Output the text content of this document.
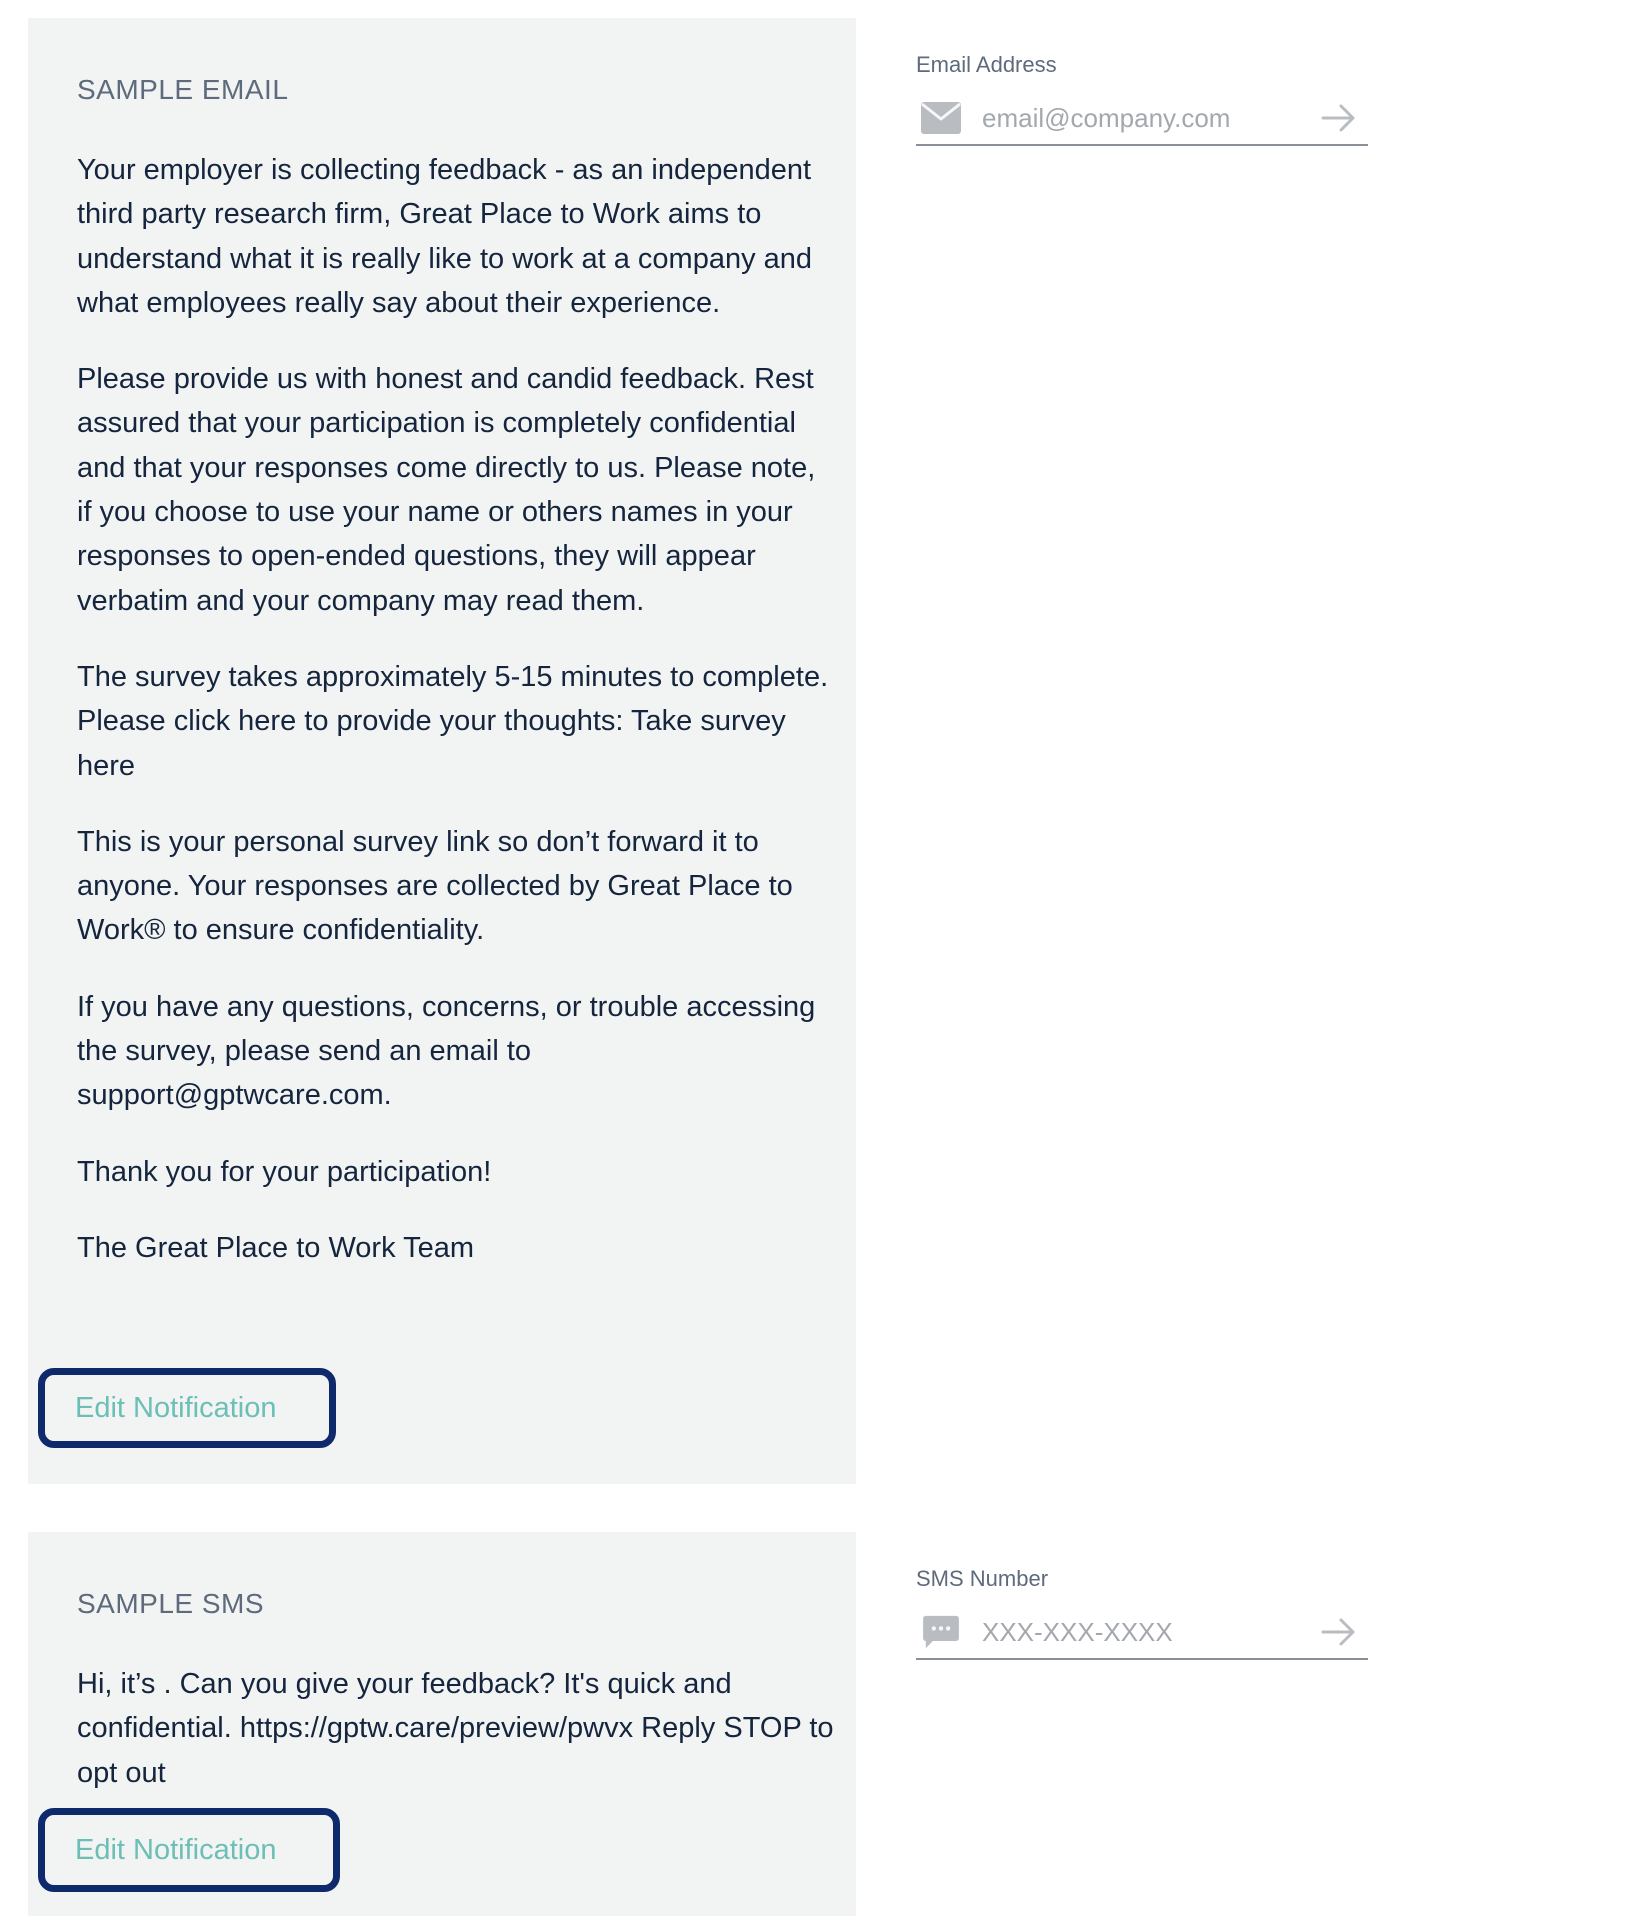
SAMPLE EMAIL

Your employer is collecting feedback - as an independent third party research firm, Great Place to Work aims to understand what it is really like to work at a company and what employees really say about their experience.

Please provide us with honest and candid feedback. Rest assured that your participation is completely confidential and that your responses come directly to us. Please note, if you choose to use your name or others names in your responses to open-ended questions, they will appear verbatim and your company may read them.

The survey takes approximately 5-15 minutes to complete. Please click here to provide your thoughts: Take survey here

This is your personal survey link so don’t forward it to anyone. Your responses are collected by Great Place to Work® to ensure confidentiality.

If you have any questions, concerns, or trouble accessing the survey, please send an email to support@gptwcare.com.

Thank you for your participation!

The Great Place to Work Team

Edit Notification
Email Address
email@company.com
SAMPLE SMS

Hi, it’s . Can you give your feedback? It's quick and confidential. https://gptw.care/preview/pwvx Reply STOP to opt out

Edit Notification
SMS Number
XXX-XXX-XXXX
